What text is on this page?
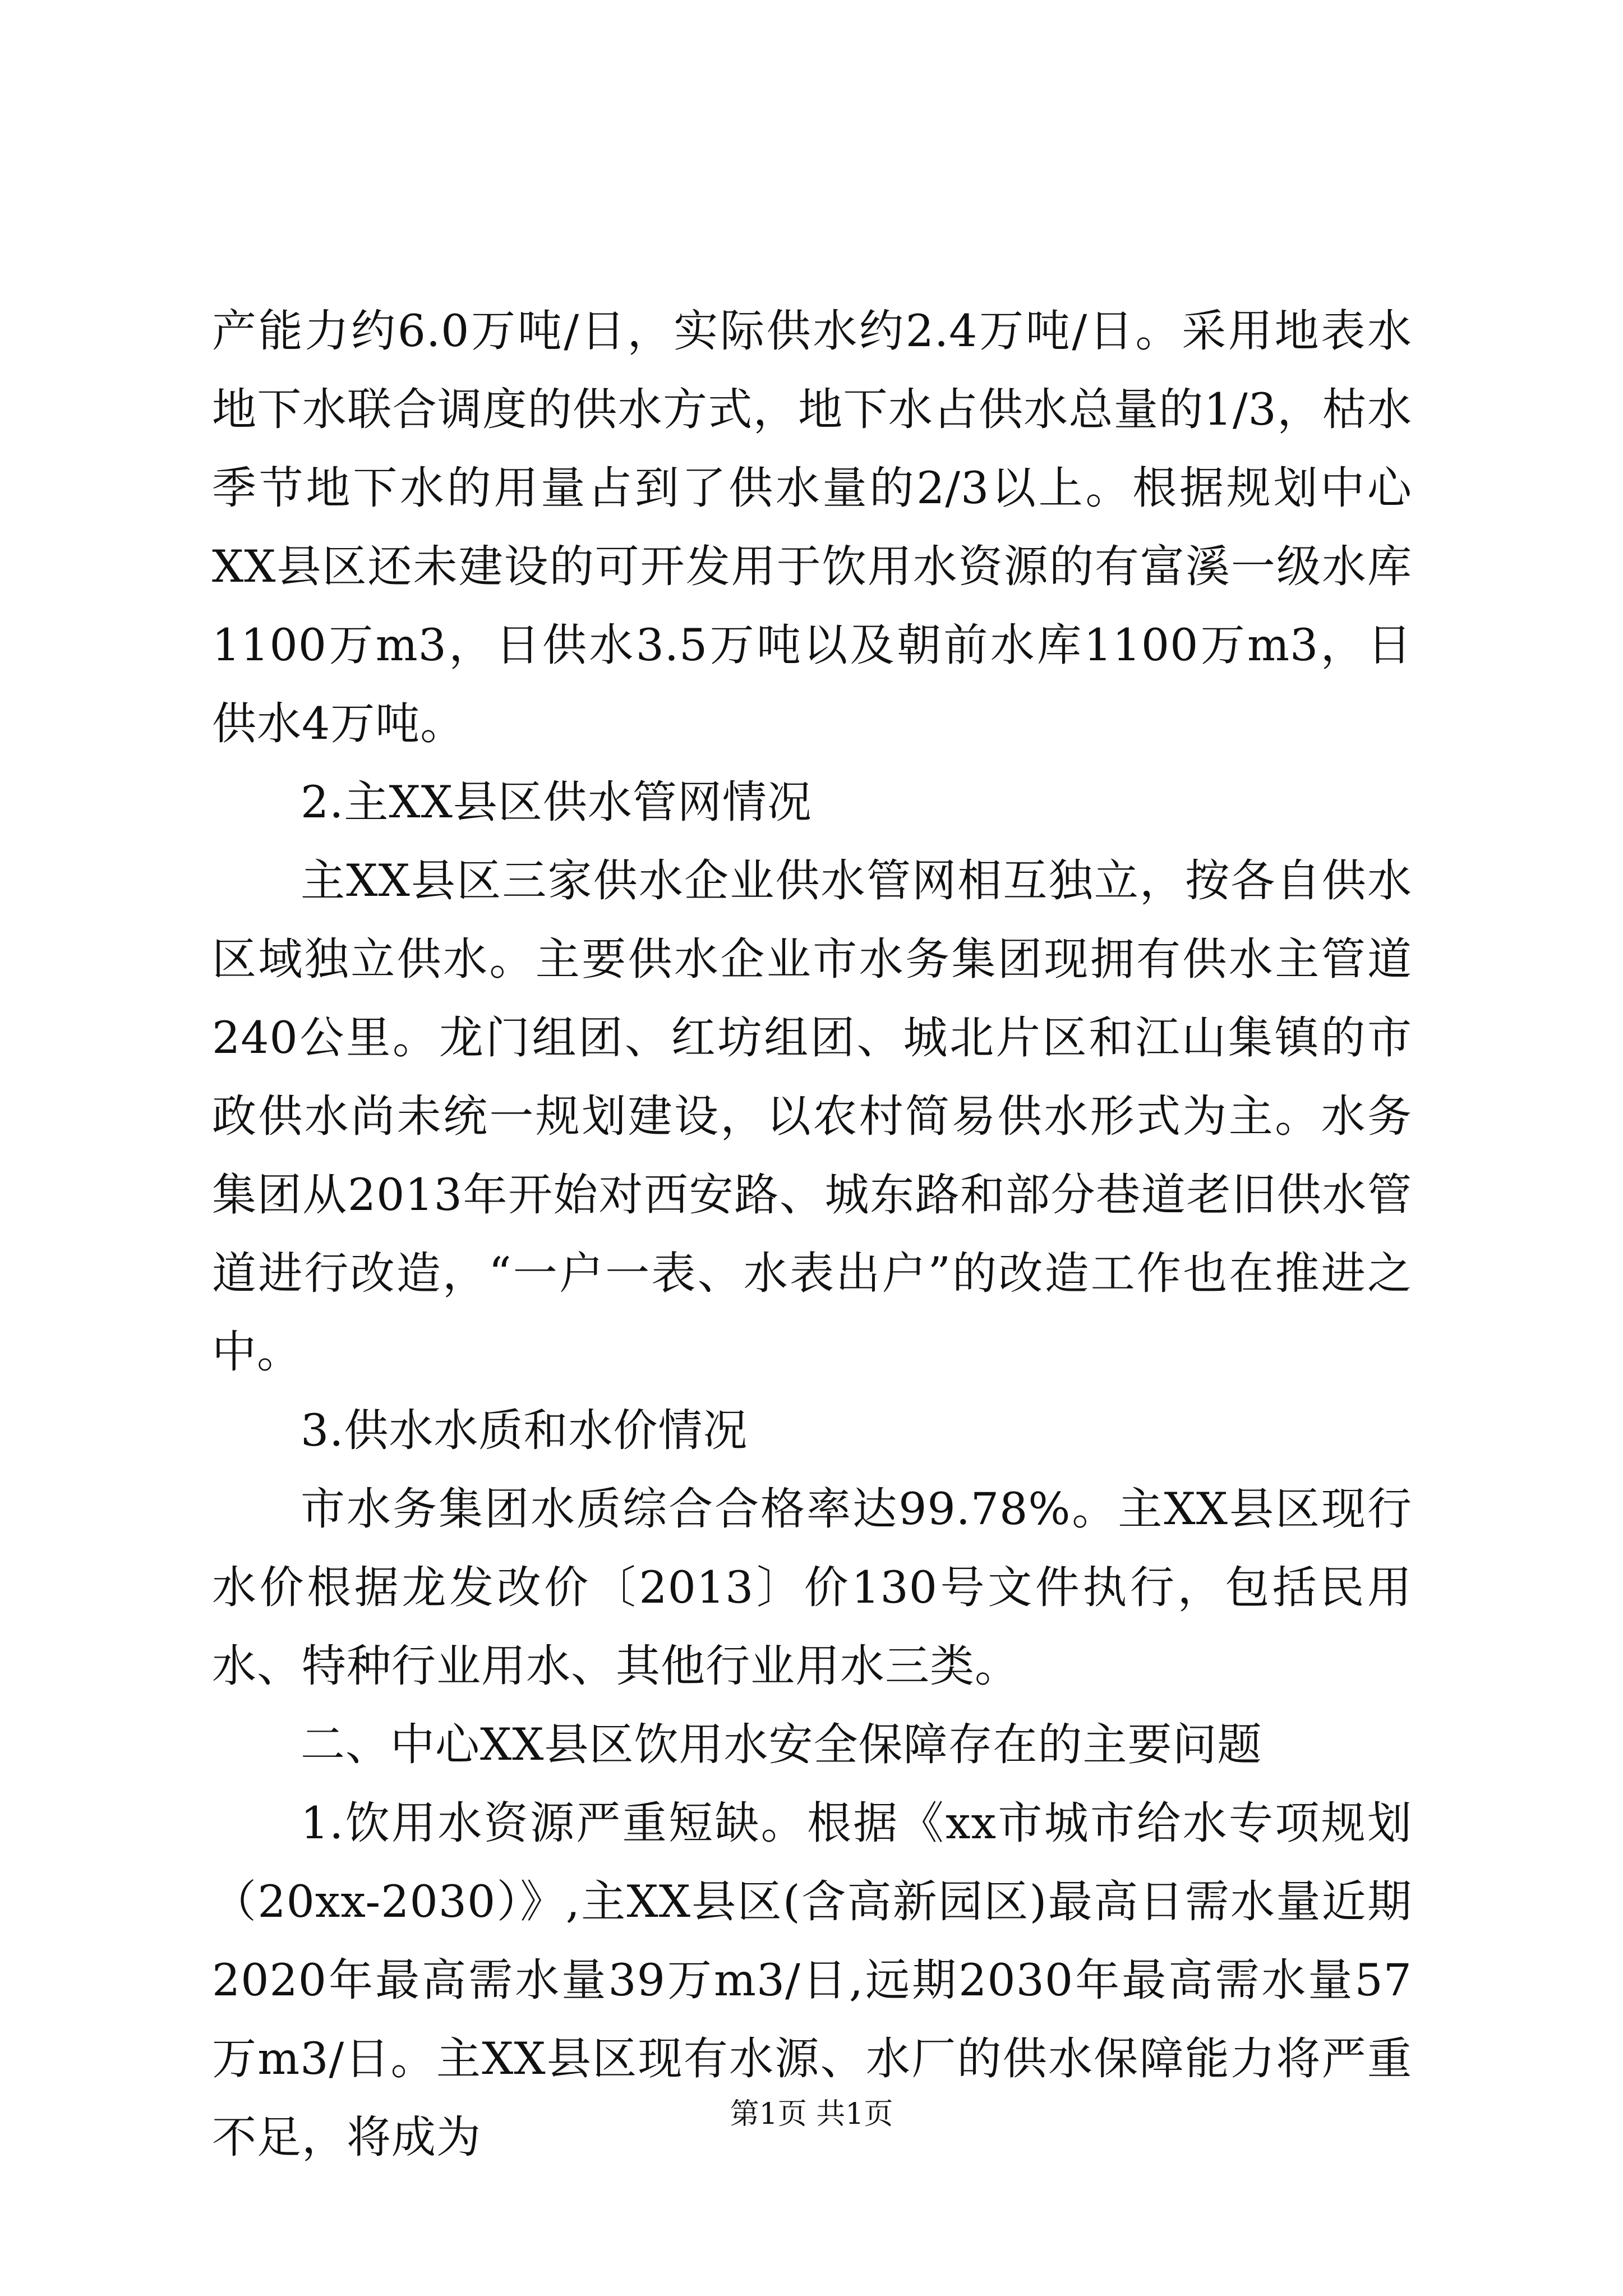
产能力约6.0万吨/日，实际供水约2.4万吨/日。采用地表水地下水联合调度的供水方式，地下水占供水总量的1/3，枯水季节地下水的用量占到了供水量的2/3以上。根据规划中心XX县区还未建设的可开发用于饮用水资源的有富溪一级水库1100万m3，日供水3.5万吨以及朝前水库1100万m3，日供水4万吨。

2.主XX县区供水管网情况

主XX县区三家供水企业供水管网相互独立，按各自供水区域独立供水。主要供水企业市水务集团现拥有供水主管道240公里。龙门组团、红坊组团、城北片区和江山集镇的市政供水尚未统一规划建设，以农村简易供水形式为主。水务集团从2013年开始对西安路、城东路和部分巷道老旧供水管道进行改造，“一户一表、水表出户”的改造工作也在推进之中。

3.供水水质和水价情况

市水务集团水质综合合格率达99.78%。主XX县区现行水价根据龙发改价〔2013〕价130号文件执行，包括民用水、特种行业用水、其他行业用水三类。

二、中心XX县区饮用水安全保障存在的主要问题

1.饮用水资源严重短缺。根据《xx市城市给水专项规划（20xx-2030）》,主XX县区(含高新园区)最高日需水量近期2020年最高需水量39万m3/日,远期2030年最高需水量57万m3/日。主XX县区现有水源、水厂的供水保障能力将严重不足，将成为	第1页 共1页
